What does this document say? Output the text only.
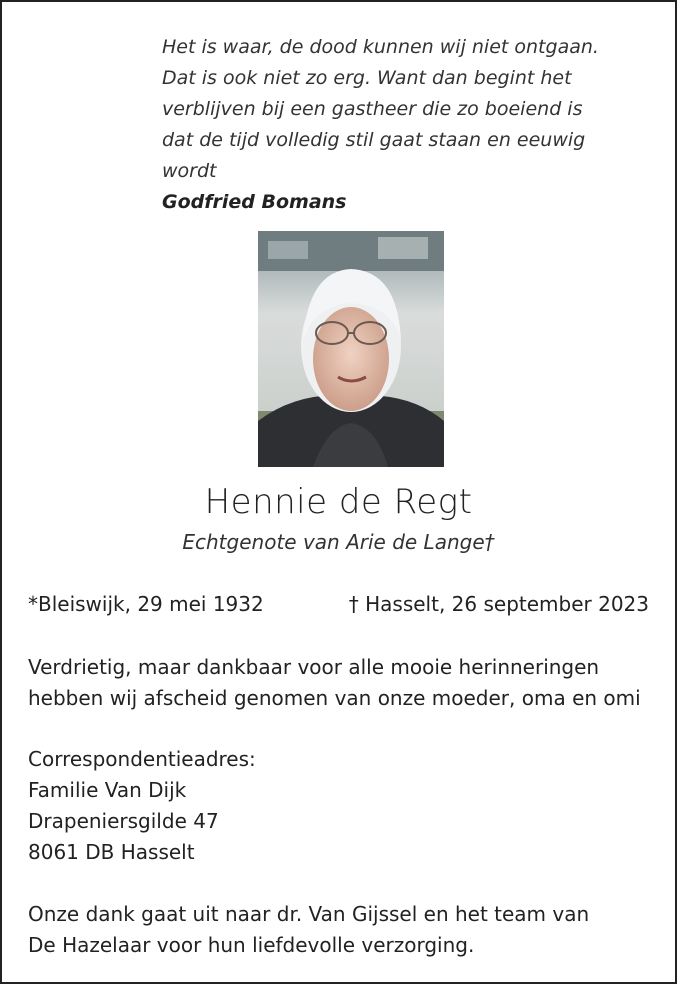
Het is waar, de dood kunnen wij niet ontgaan.
Dat is ook niet zo erg. Want dan begint het
verblijven bij een gastheer die zo boeiend is
dat de tijd volledig stil gaat staan en eeuwig
wordt
Godfried Bomans
Hennie de Regt
Echtgenote van Arie de Lange†
*Bleiswijk, 29 mei 1932	† Hasselt, 26 september 2023
Verdrietig, maar dankbaar voor alle mooie herinneringen
hebben wij afscheid genomen van onze moeder, oma en omi
Correspondentieadres:
Familie Van Dijk
Drapeniersgilde 47
8061 DB Hasselt
Onze dank gaat uit naar dr. Van Gijssel en het team van
De Hazelaar voor hun liefdevolle verzorging.
